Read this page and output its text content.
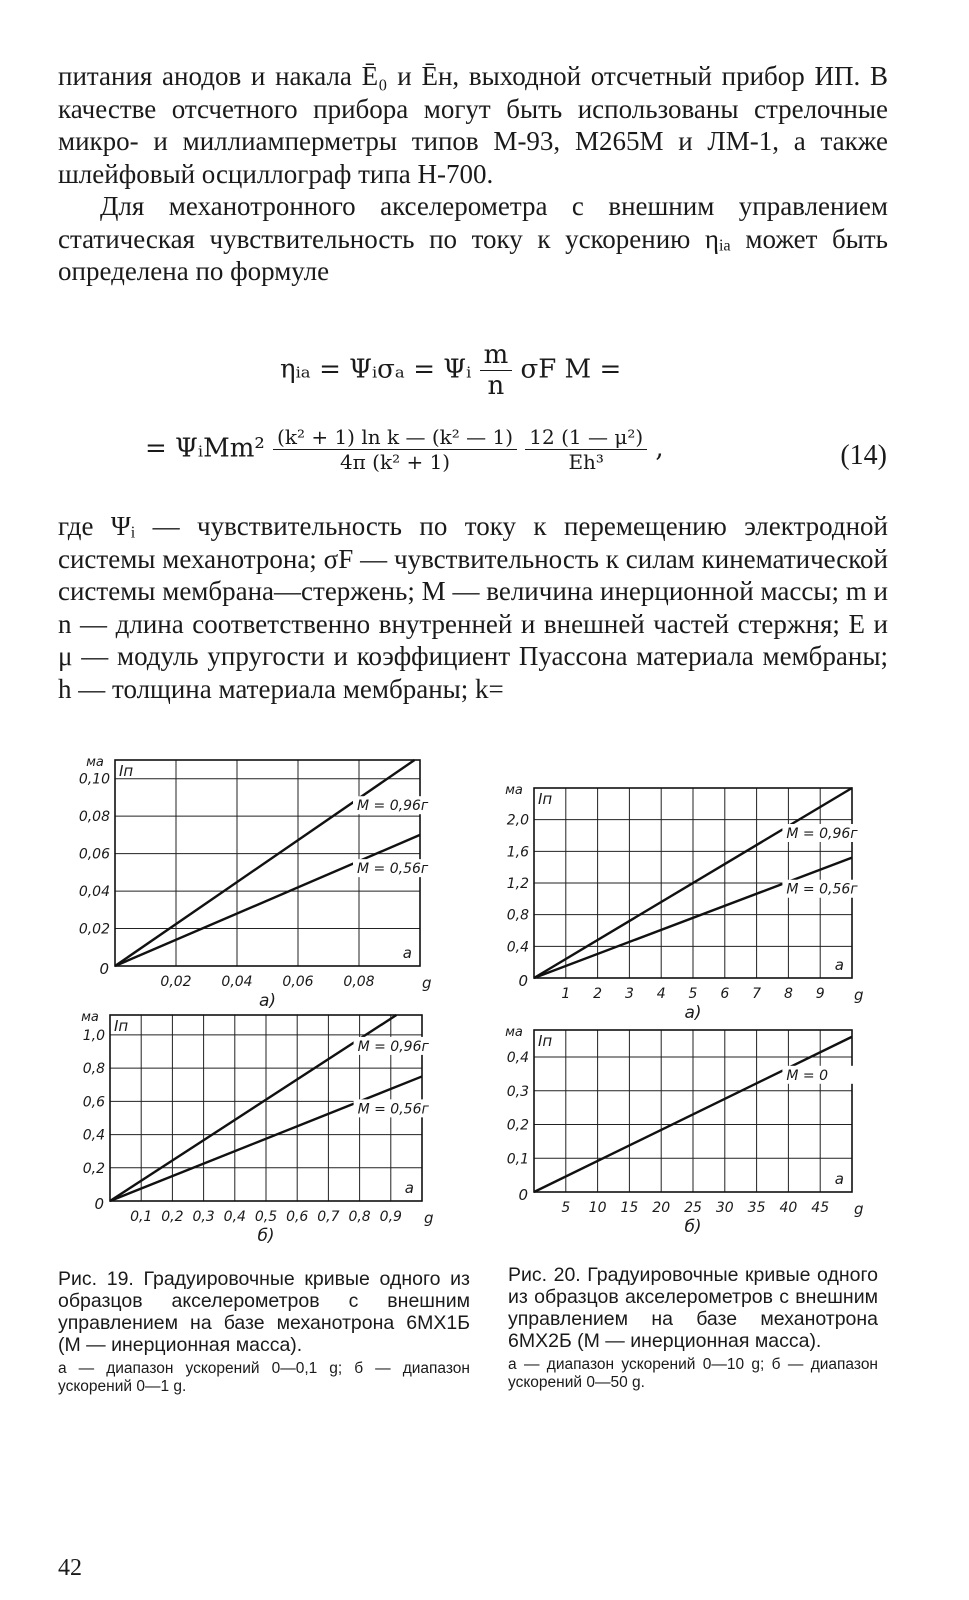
питания анодов и накала Ē₀ и Ēн, выходной отсчетный прибор ИП. В качестве отсчетного прибора могут быть использованы стрелочные микро- и миллиамперметры типов М-93, М265М и ЛМ-1, а также шлейфовый осциллограф типа Н-700.

Для механотронного акселерометра с внешним управлением статическая чувствительность по току к ускорению ηᵢₐ может быть определена по формуле

ηᵢₐ = Ψᵢσₐ = Ψᵢ $\frac{m}{n}$ σF M =
= ΨᵢMm² $\frac{\text{(k² + 1) ln k — (k² — 1)}}{\text{4π (k² + 1)}}$
$\frac{\text{12 (1 — μ²)}}{\text{Eh³}}$ ,	(14)

где Ψᵢ — чувствительность по току к перемещению электродной системы механотрона; σF — чувствительность к силам кинематической системы мембрана—стержень; M — величина инерционной массы; m и n — длина соответственно внутренней и внешней частей стержня; E и μ — модуль упругости и коэффициент Пуассона материала мембраны; h — толщина материала мембраны; k=

0,02
0,04
0,06
0,08
0,10
0,02 0,04 0,06 0,08	g
0
ма Iп
a
а)
M = 0,96г
M = 0,56г
0,2
0,4
0,6
0,8
1,0
0,1 0,2 0,3 0,4 0,5 0,6 0,7 0,8 0,9 g
0
ма Iп
a
б)
M = 0,96г
M = 0,56г
0,4
0,8
1,2
1,6
2,0
1 2 3 4 5 6 7 8 9 g
0
ма Iп
a
а)
M = 0,96г
M = 0,56г
0,1
0,2
0,3
0,4
5 10 15 20 25 30 35 40 45 g
0
ма Iп
a
б)
M = 0
Рис. 19. Градуировочные кривые одного из образцов акселерометров с внешним управлением на базе механотрона 6МХ1Б (M — инерционная масса).
а — диапазон ускорений 0—0,1 g; б — диапазон ускорений 0—1 g.
Рис. 20. Градуировочные кривые одного из образцов акселерометров с внешним управлением на базе механотрона 6МХ2Б (M — инерционная масса).
а — диапазон ускорений 0—10 g; б — диапазон ускорений 0—50 g.
42
